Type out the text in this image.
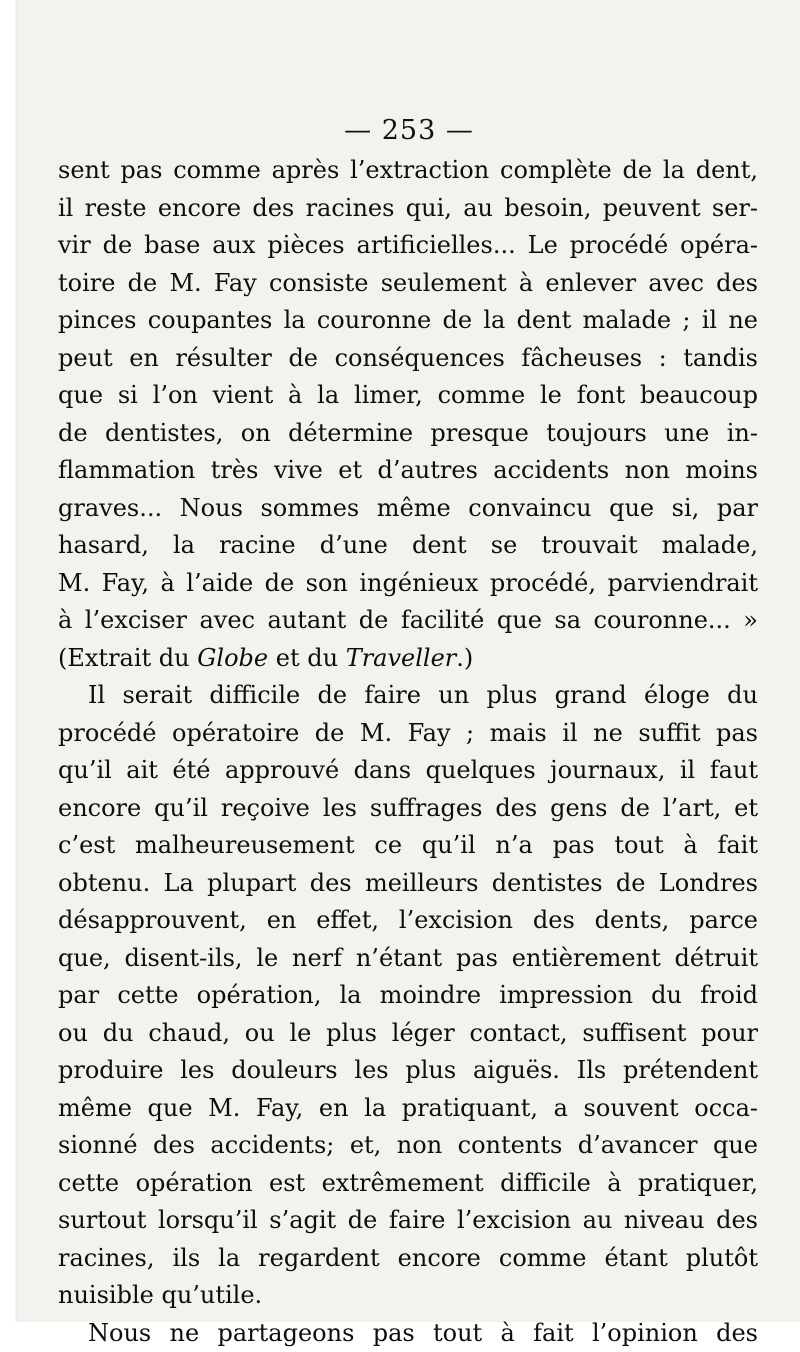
— 253 —
sent pas comme après l’extraction complète de la dent,
il reste encore des racines qui, au besoin, peuvent ser-
vir de base aux pièces artificielles... Le procédé opéra-
toire de M. Fay consiste seulement à enlever avec des
pinces coupantes la couronne de la dent malade ; il ne
peut en résulter de conséquences fâcheuses : tandis
que si l’on vient à la limer, comme le font beaucoup
de dentistes, on détermine presque toujours une in-
flammation très vive et d’autres accidents non moins
graves... Nous sommes même convaincu que si, par
hasard, la racine d’une dent se trouvait malade,
M. Fay, à l’aide de son ingénieux procédé, parviendrait
à l’exciser avec autant de facilité que sa couronne... »
(Extrait du Globe et du Traveller.)
Il serait difficile de faire un plus grand éloge du
procédé opératoire de M. Fay ; mais il ne suffit pas
qu’il ait été approuvé dans quelques journaux, il faut
encore qu’il reçoive les suffrages des gens de l’art, et
c’est malheureusement ce qu’il n’a pas tout à fait
obtenu. La plupart des meilleurs dentistes de Londres
désapprouvent, en effet, l’excision des dents, parce
que, disent-ils, le nerf n’étant pas entièrement détruit
par cette opération, la moindre impression du froid
ou du chaud, ou le plus léger contact, suffisent pour
produire les douleurs les plus aiguës. Ils prétendent
même que M. Fay, en la pratiquant, a souvent occa-
sionné des accidents; et, non contents d’avancer que
cette opération est extrêmement difficile à pratiquer,
surtout lorsqu’il s’agit de faire l’excision au niveau des
racines, ils la regardent encore comme étant plutôt
nuisible qu’utile.
Nous ne partageons pas tout à fait l’opinion des
